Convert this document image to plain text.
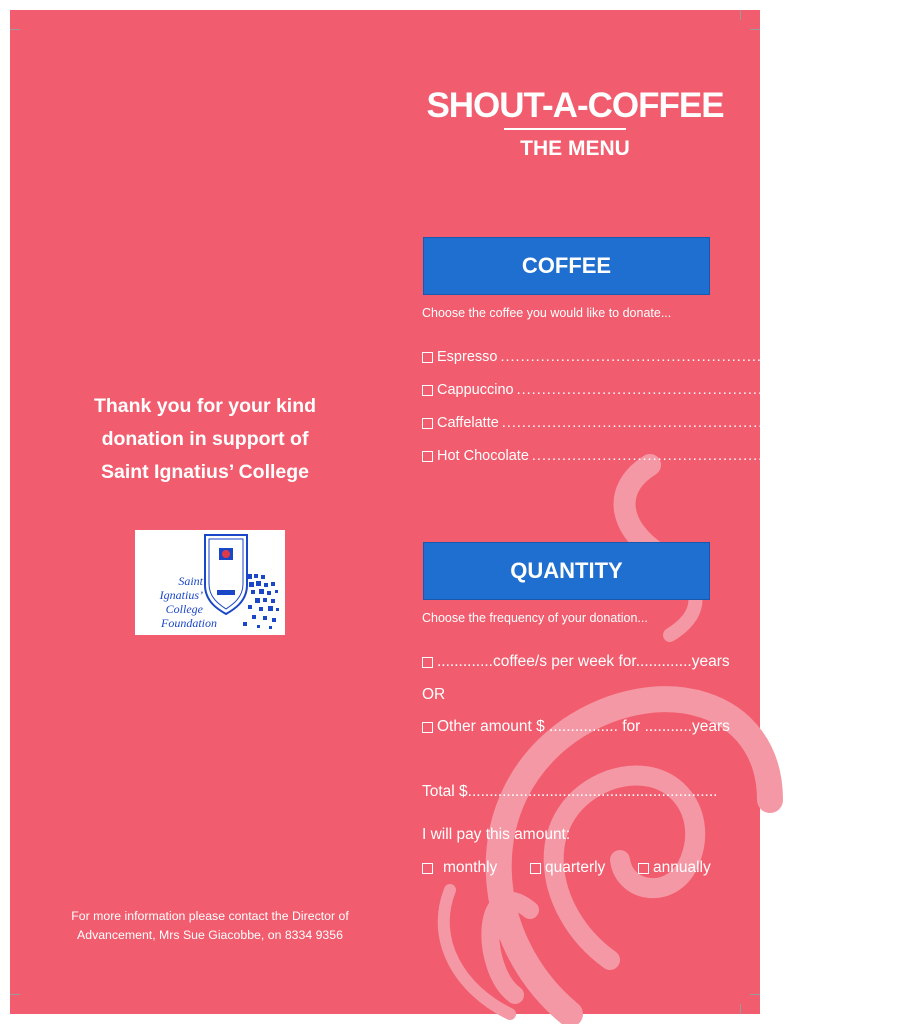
SHOUT-A-COFFEE
THE MENU
COFFEE
Choose the coffee you would like to donate...
Espresso .................................................................. $3.50
Cappuccino .................................................................. $4.00
Caffelatte .................................................................. $4.50
Hot Chocolate .................................................................. $4.80
QUANTITY
Choose the frequency of your donation...
.............coffee/s per week for.............years
OR
Other amount $ ................ for ...........years
Total $..........................................................
I will pay this amount:
monthly	quarterly	annually
Thank you for your kind
donation in support of
Saint Ignatius’ College
Saint
Ignatius’
College
Foundation
For more information please contact the Director of
Advancement, Mrs Sue Giacobbe, on 8334 9356
